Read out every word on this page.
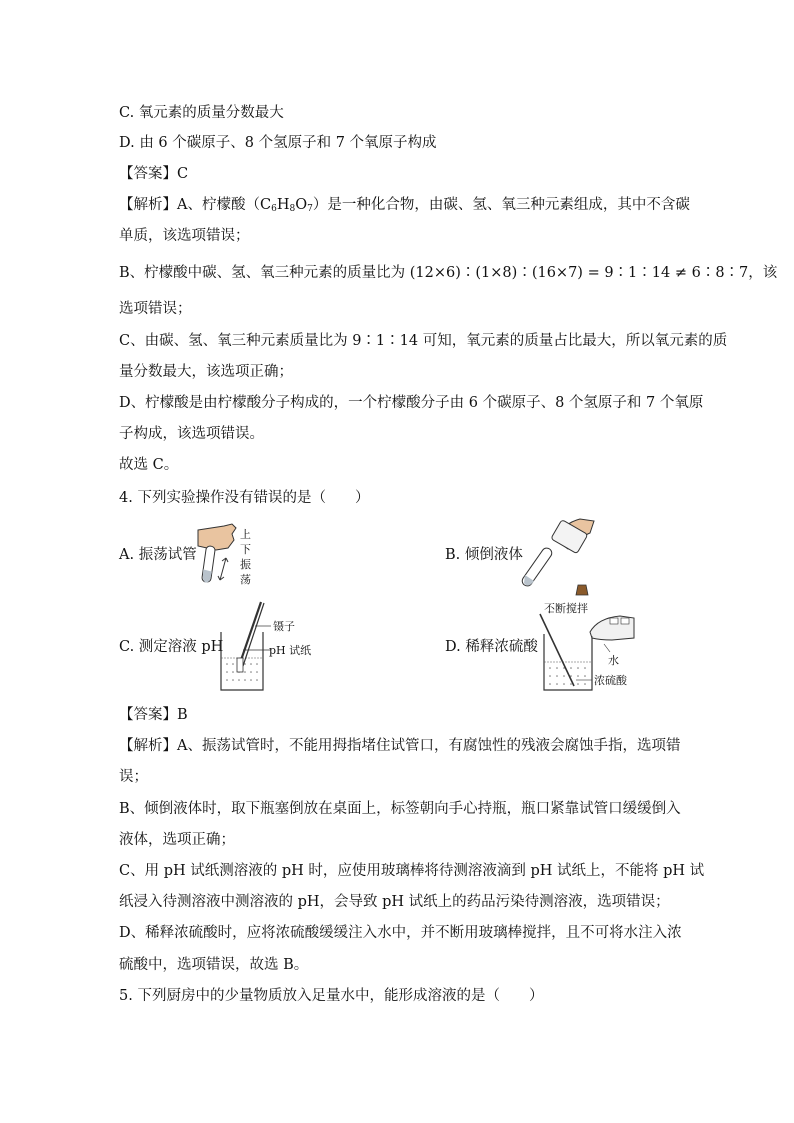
C. 氧元素的质量分数最大
D. 由 6 个碳原子、8 个氢原子和 7 个氧原子构成
【答案】C
【解析】A、柠檬酸$(C_6H_8O_7)$是一种化合物，由碳、氢、氧三种元素组成，其中不含碳
单质，该选项错误；
B、柠檬酸中碳、氢、氧三种元素的质量比为 (12×6)∶(1×8)∶(16×7) = 9∶1∶14 ≠ 6∶8∶7，该
选项错误；
C、由碳、氢、氧三种元素质量比为 9∶1∶14 可知，氧元素的质量占比最大，所以氧元素的质
量分数最大，该选项正确；
D、柠檬酸是由柠檬酸分子构成的，一个柠檬酸分子由 6 个碳原子、8 个氢原子和 7 个氧原
子构成，该选项错误。
故选 C。
4. 下列实验操作没有错误的是（　　）
A. 振荡试管
上
下
振
荡
B. 倾倒液体
C. 测定溶液 pH
镊子
pH 试纸	D. 稀释浓硫酸
不断搅拌
水
浓硫酸
【答案】B
【解析】A、振荡试管时，不能用拇指堵住试管口，有腐蚀性的残液会腐蚀手指，选项错
误；
B、倾倒液体时，取下瓶塞倒放在桌面上，标签朝向手心持瓶，瓶口紧靠试管口缓缓倒入
液体，选项正确；
C、用 pH 试纸测溶液的 pH 时，应使用玻璃棒将待测溶液滴到 pH 试纸上，不能将 pH 试
纸浸入待测溶液中测溶液的 pH，会导致 pH 试纸上的药品污染待测溶液，选项错误；
D、稀释浓硫酸时，应将浓硫酸缓缓注入水中，并不断用玻璃棒搅拌，且不可将水注入浓
硫酸中，选项错误，故选 B。
5. 下列厨房中的少量物质放入足量水中，能形成溶液的是（　　）
